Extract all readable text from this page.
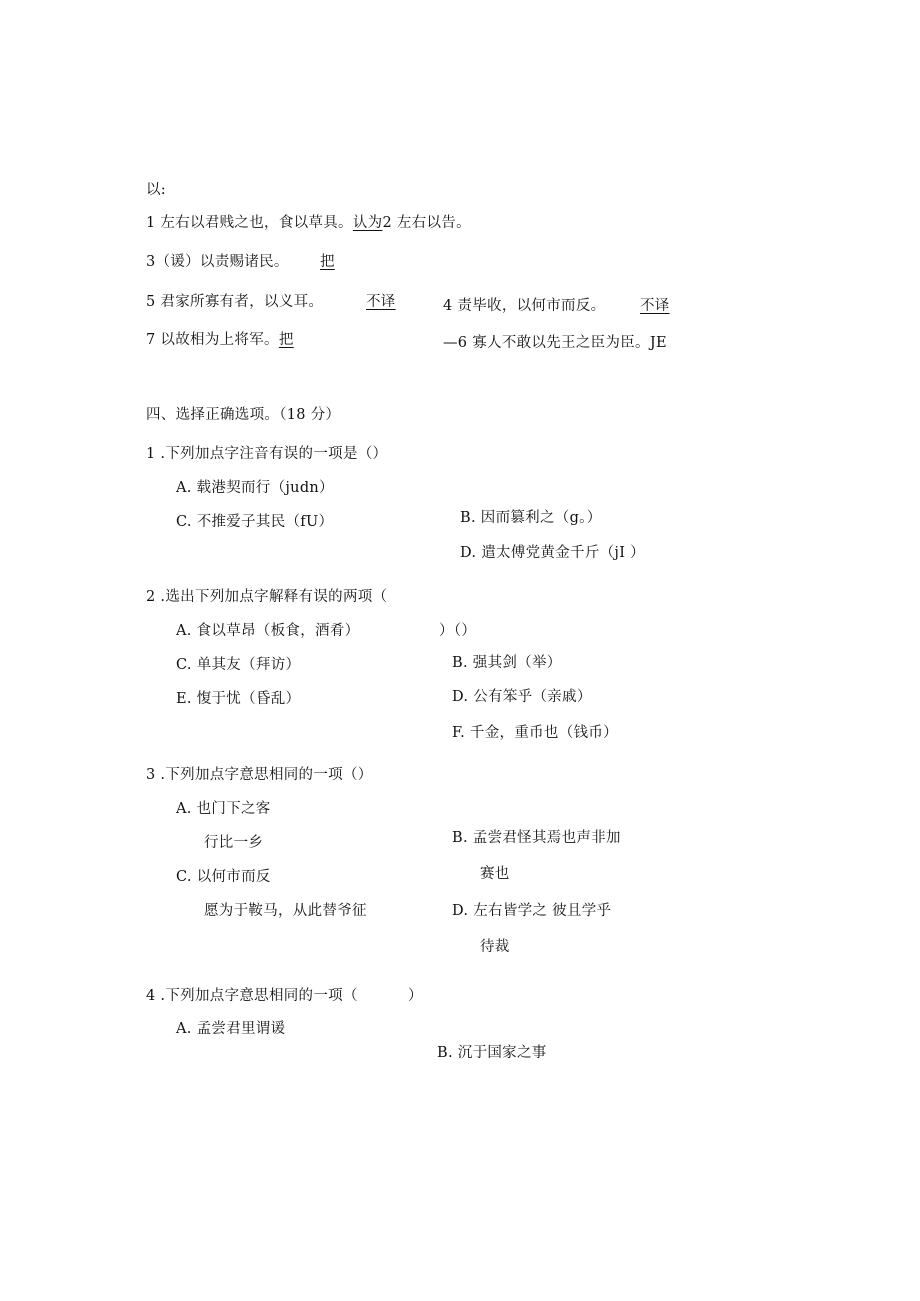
以:
1 左右以君贱之也，食以草具。认为2 左右以告。
3（谖）以责赐诸民。 把
5 君家所寡有者，以义耳。	不译	4 责毕收，以何市而反。 不译
7 以故相为上将军。把	—6 寡人不敢以先王之臣为臣。JE
四、选择正确选项。（18 分）
1 .下列加点字注音有误的一项是（）
A. 载港契而行（judn）
C. 不推爱子其民（fU）	B. 因而篡利之（g。）
D. 遣太傅党黄金千斤（jI ）
2 .选出下列加点字解释有误的两项（
A. 食以草昂（板食，酒肴）	）（）
C. 单其友（拜访）	B. 强其剑（举）
E. 愎于忧（昏乱）	D. 公有笨乎（亲戚）
F. 千金，重币也（钱币）
3 .下列加点字意思相同的一项（）
A. 也门下之客
行比一乡	B. 孟尝君怪其焉也声非加
赛也
C. 以何市而反
愿为于鞍马，从此替爷征	D. 左右皆学之 彼且学乎
待裁
4 .下列加点字意思相同的一项（	）
A. 孟尝君里谓谖
B. 沉于国家之事
